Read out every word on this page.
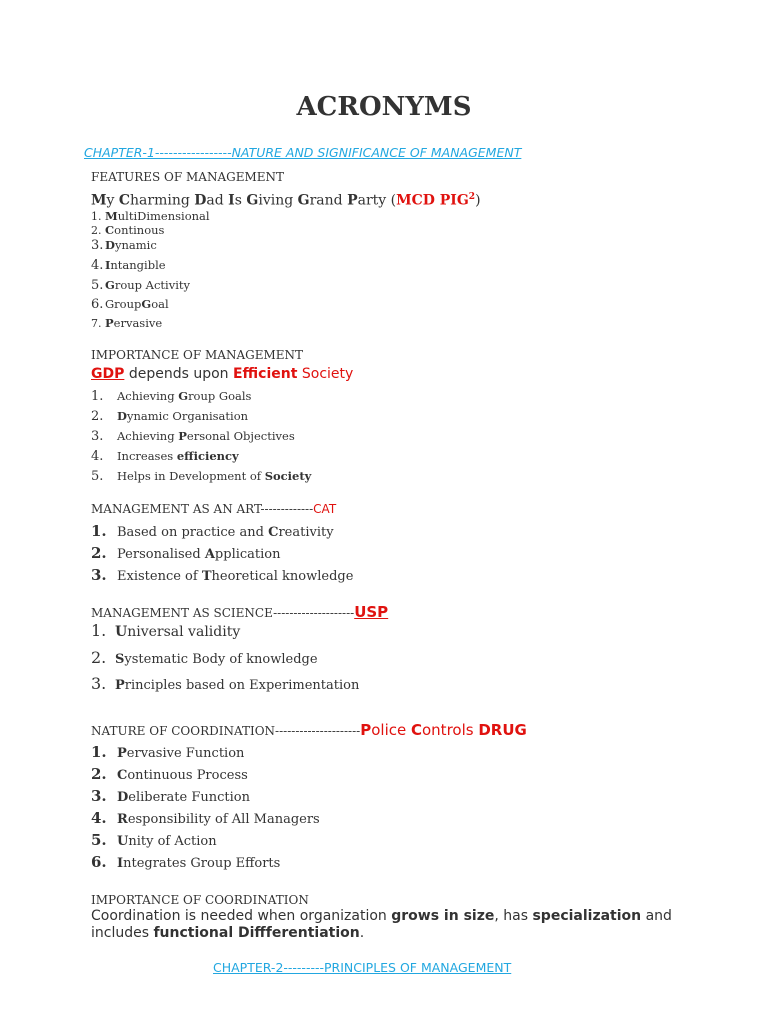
ACRONYMS
CHAPTER-1-----------------NATURE AND SIGNIFICANCE OF MANAGEMENT
FEATURES OF MANAGEMENT
My Charming Dad Is Giving Grand Party (MCD PIG$^2$)
1. MultiDimensional
2. Continous
3. Dynamic
4. Intangible
5. Group Activity
6. GroupGoal
7. Pervasive
IMPORTANCE OF MANAGEMENT
GDP depends upon Efficient Society
1. Achieving Group Goals
2. Dynamic Organisation
3. Achieving Personal Objectives
4. Increases efficiency
5. Helps in Development of Society
MANAGEMENT AS AN ART-------------CAT
1. Based on practice and Creativity
2. Personalised Application
3. Existence of Theoretical knowledge
MANAGEMENT AS SCIENCE--------------------USP
1. Universal validity
2. Systematic Body of knowledge
3. Principles based on Experimentation
NATURE OF COORDINATION---------------------Police Controls DRUG
1. Pervasive Function
2. Continuous Process
3. Deliberate Function
4. Responsibility of All Managers
5. Unity of Action
6. Integrates Group Efforts
IMPORTANCE OF COORDINATION
Coordination is needed when organization grows in size, has specialization and
includes functional Diffferentiation.
CHAPTER-2---------PRINCIPLES OF MANAGEMENT
